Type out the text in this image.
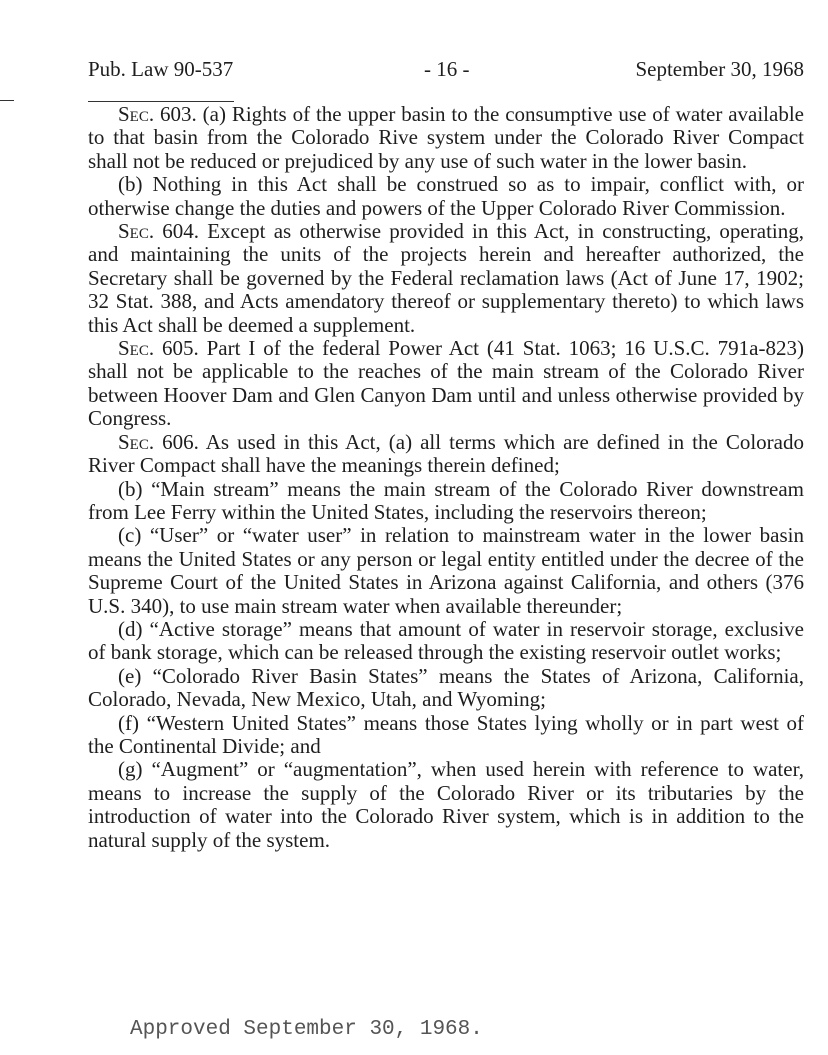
Pub. Law 90-537	- 16 -	September 30, 1968

Sec. 603. (a) Rights of the upper basin to the consumptive use of water available to that basin from the Colorado Rive system under the Colorado River Compact shall not be reduced or prejudiced by any use of such water in the lower basin.

(b) Nothing in this Act shall be construed so as to impair, conflict with, or otherwise change the duties and powers of the Upper Colorado River Commission.

Sec. 604. Except as otherwise provided in this Act, in constructing, operating, and maintaining the units of the projects herein and hereafter authorized, the Secretary shall be governed by the Federal reclamation laws (Act of June 17, 1902; 32 Stat. 388, and Acts amendatory thereof or supplementary thereto) to which laws this Act shall be deemed a supplement.

Sec. 605. Part I of the federal Power Act (41 Stat. 1063; 16 U.S.C. 791a-823) shall not be applicable to the reaches of the main stream of the Colorado River between Hoover Dam and Glen Canyon Dam until and unless otherwise provided by Congress.

Sec. 606. As used in this Act, (a) all terms which are defined in the Colorado River Compact shall have the meanings therein defined;

(b) “Main stream” means the main stream of the Colorado River downstream from Lee Ferry within the United States, including the reservoirs thereon;

(c) “User” or “water user” in relation to mainstream water in the lower basin means the United States or any person or legal entity entitled under the decree of the Supreme Court of the United States in Arizona against California, and others (376 U.S. 340), to use main stream water when available thereunder;

(d) “Active storage” means that amount of water in reservoir storage, exclusive of bank storage, which can be released through the existing reservoir outlet works;

(e) “Colorado River Basin States” means the States of Arizona, California, Colorado, Nevada, New Mexico, Utah, and Wyoming;

(f) “Western United States” means those States lying wholly or in part west of the Continental Divide; and

(g) “Augment” or “augmentation”, when used herein with reference to water, means to increase the supply of the Colorado River or its tributaries by the introduction of water into the Colorado River system, which is in addition to the natural supply of the system.

Approved September 30, 1968.
